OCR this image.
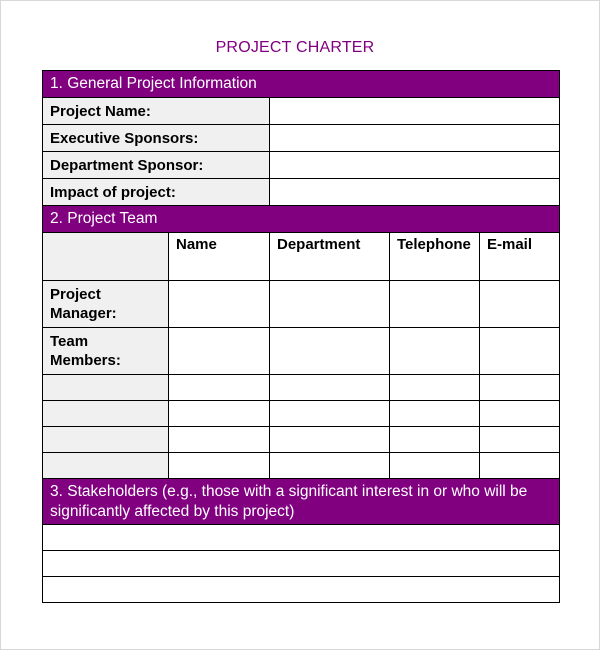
PROJECT CHARTER
1. General Project Information				
Project Name:				
Executive Sponsors:				
Department Sponsor:				
Impact of project:				
2. Project Team				
	Name	Department	Telephone	E-mail
Project Manager:				
Team Members:				

3. Stakeholders (e.g., those with a significant interest in or who will be significantly affected by this project)				
